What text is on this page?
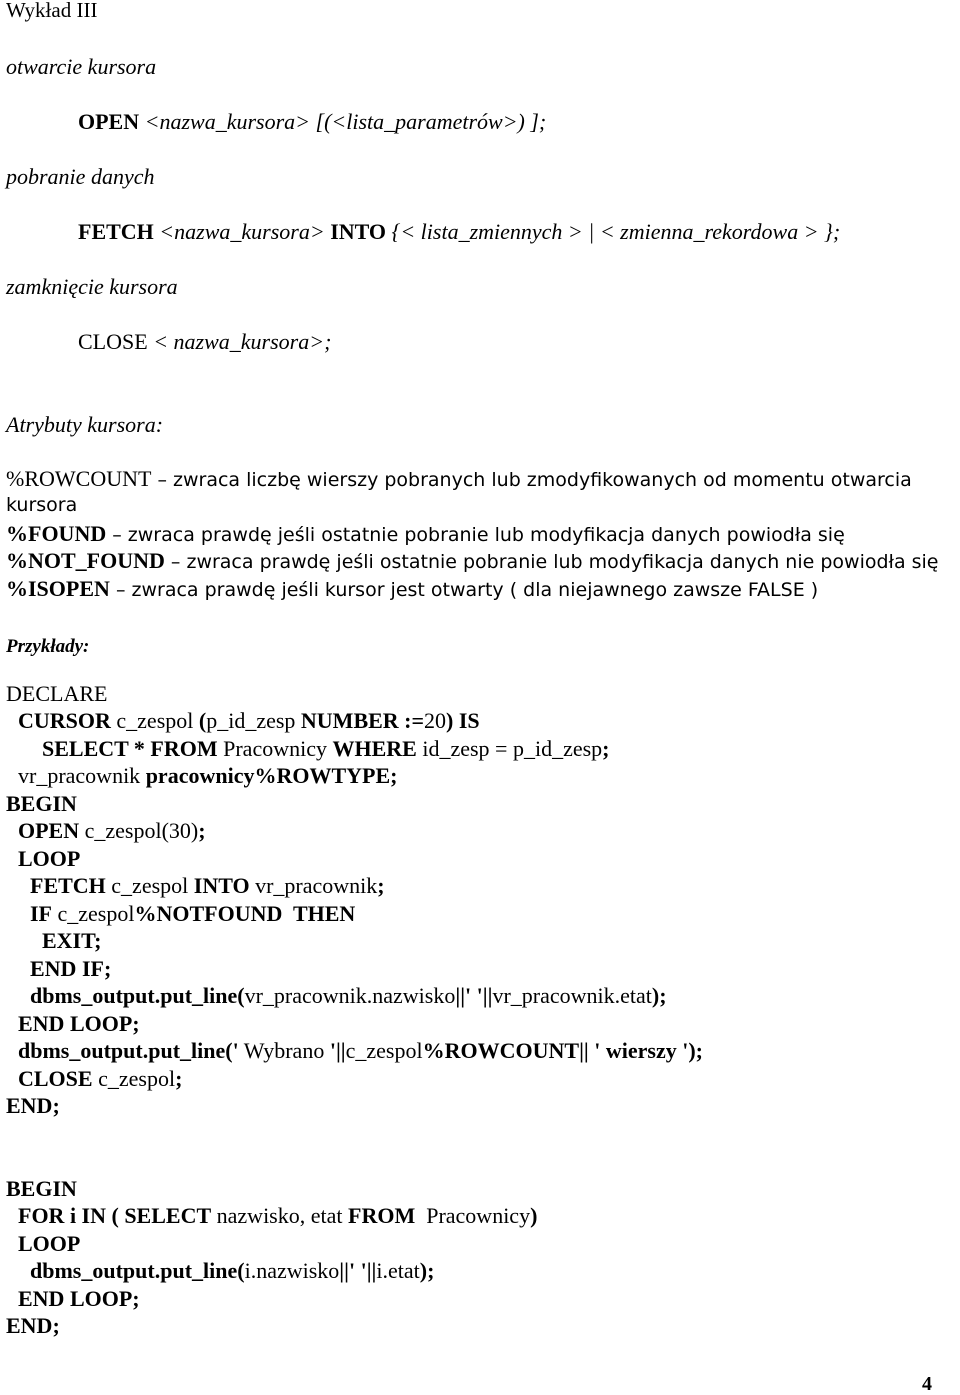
Wykład III
otwarcie kursora
OPEN <nazwa_kursora> [(<lista_parametrów>) ];
pobranie danych
FETCH <nazwa_kursora> INTO {< lista_zmiennych > | < zmienna_rekordowa > };
zamknięcie kursora
CLOSE < nazwa_kursora>;
Atrybuty kursora:
%ROWCOUNT – zwraca liczbę wierszy pobranych lub zmodyfikowanych od momentu otwarcia
kursora
%FOUND – zwraca prawdę jeśli ostatnie pobranie lub modyfikacja danych powiodła się
%NOT_FOUND – zwraca prawdę jeśli ostatnie pobranie lub modyfikacja danych nie powiodła się
%ISOPEN – zwraca prawdę jeśli kursor jest otwarty ( dla niejawnego zawsze FALSE )
Przykłady:
DECLARE
CURSOR c_zespol (p_id_zesp NUMBER :=20) IS
SELECT * FROM Pracownicy WHERE id_zesp = p_id_zesp;
vr_pracownik pracownicy%ROWTYPE;
BEGIN
OPEN c_zespol(30);
LOOP
FETCH c_zespol INTO vr_pracownik;
IF c_zespol%NOTFOUND  THEN
EXIT;
END IF;
dbms_output.put_line(vr_pracownik.nazwisko||' '||vr_pracownik.etat);
END LOOP;
dbms_output.put_line(' Wybrano '||c_zespol%ROWCOUNT|| ' wierszy ');
CLOSE c_zespol;
END;
BEGIN
FOR i IN ( SELECT nazwisko, etat FROM  Pracownicy)
LOOP
dbms_output.put_line(i.nazwisko||' '||i.etat);
END LOOP;
END;
4
